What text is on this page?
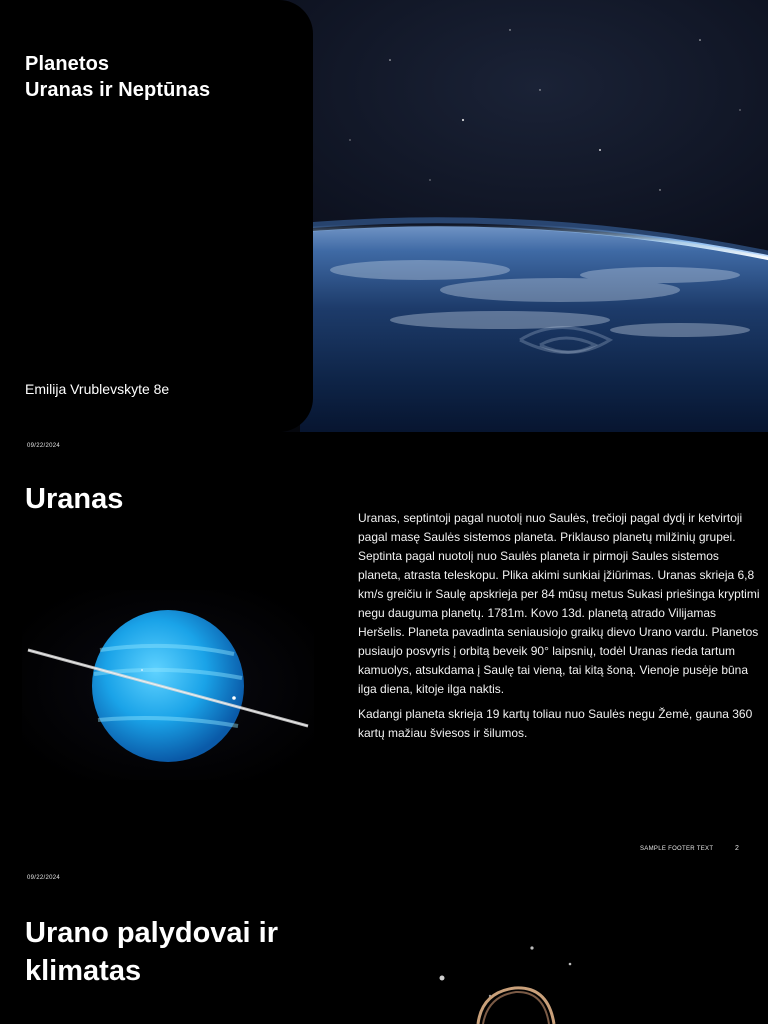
Planetos
Uranas ir Neptūnas
Emilija Vrublevskyte 8e
09/22/2024
Uranas

Uranas, septintoji pagal nuotolį nuo Saulės, trečioji pagal dydį ir ketvirtoji pagal masę Saulės sistemos planeta. Priklauso planetų milžinių grupei. Septinta pagal nuotolį nuo Saulės planeta ir pirmoji Saules sistemos planeta, atrasta teleskopu. Plika akimi sunkiai įžiūrimas. Uranas skrieja 6,8 km/s greičiu ir Saulę apskrieja per 84 mūsų metus Sukasi priešinga kryptimi negu dauguma planetų. 1781m. Kovo 13d. planetą atrado Vilijamas Heršelis. Planeta pavadinta seniausiojo graikų dievo Urano vardu. Planetos pusiaujo posvyris į orbitą beveik 90° laipsnių, todėl Uranas rieda tartum kamuolys, atsukdama į Saulę tai vieną, tai kitą šoną. Vienoje pusėje būna ilga diena, kitoje ilga naktis.

Kadangi planeta skrieja 19 kartų toliau nuo Saulės negu Žemė, gauna 360 kartų mažiau šviesos ir šilumos.

SAMPLE FOOTER TEXT	2
09/22/2024
Urano palydovai ir
klimatas
